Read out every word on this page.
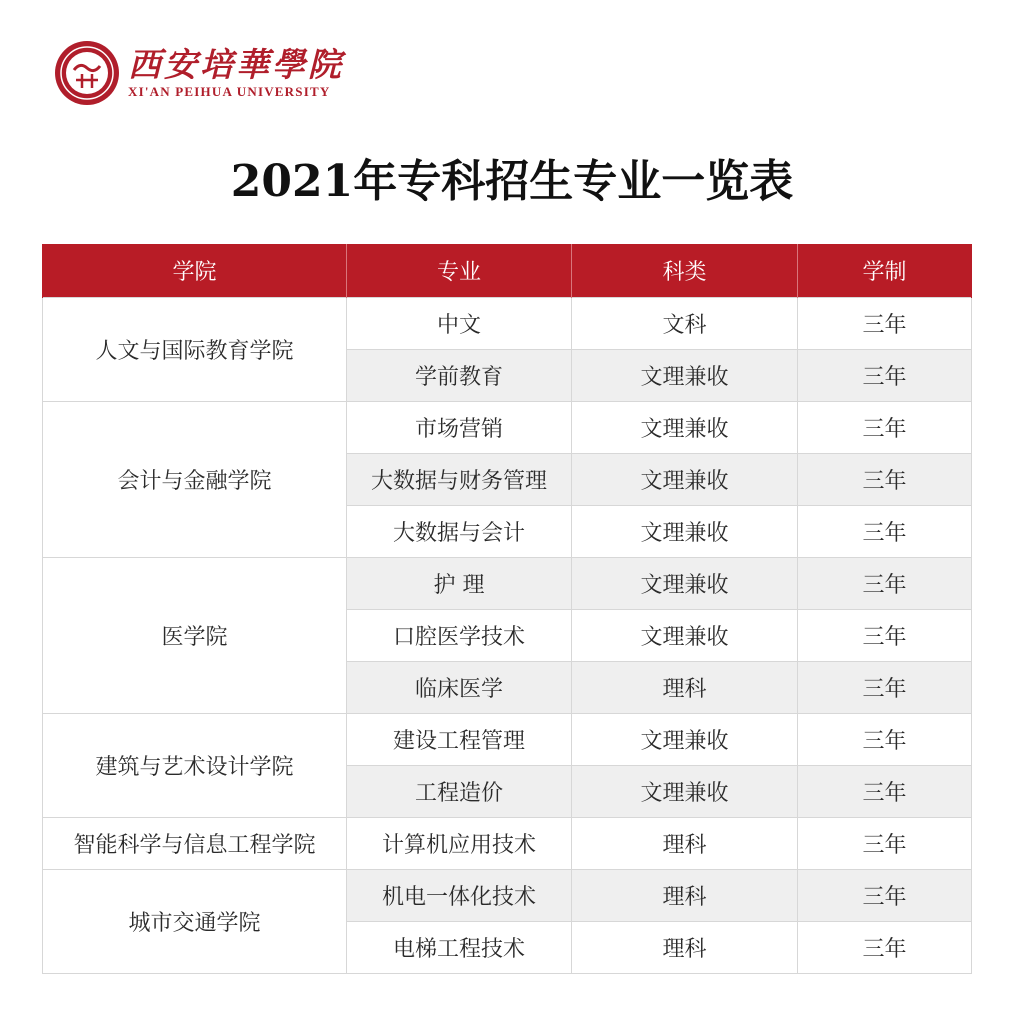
西安培華學院
XI'AN PEIHUA UNIVERSITY
2021年专科招生专业一览表
学院	专业	科类	学制
人文与国际教育学院	中文	文科	三年
	学前教育	文理兼收	三年
会计与金融学院	市场营销	文理兼收	三年
	大数据与财务管理	文理兼收	三年
	大数据与会计	文理兼收	三年
医学院	护 理	文理兼收	三年
	口腔医学技术	文理兼收	三年
	临床医学	理科	三年
建筑与艺术设计学院	建设工程管理	文理兼收	三年
	工程造价	文理兼收	三年
智能科学与信息工程学院	计算机应用技术	理科	三年
城市交通学院	机电一体化技术	理科	三年
	电梯工程技术	理科	三年
